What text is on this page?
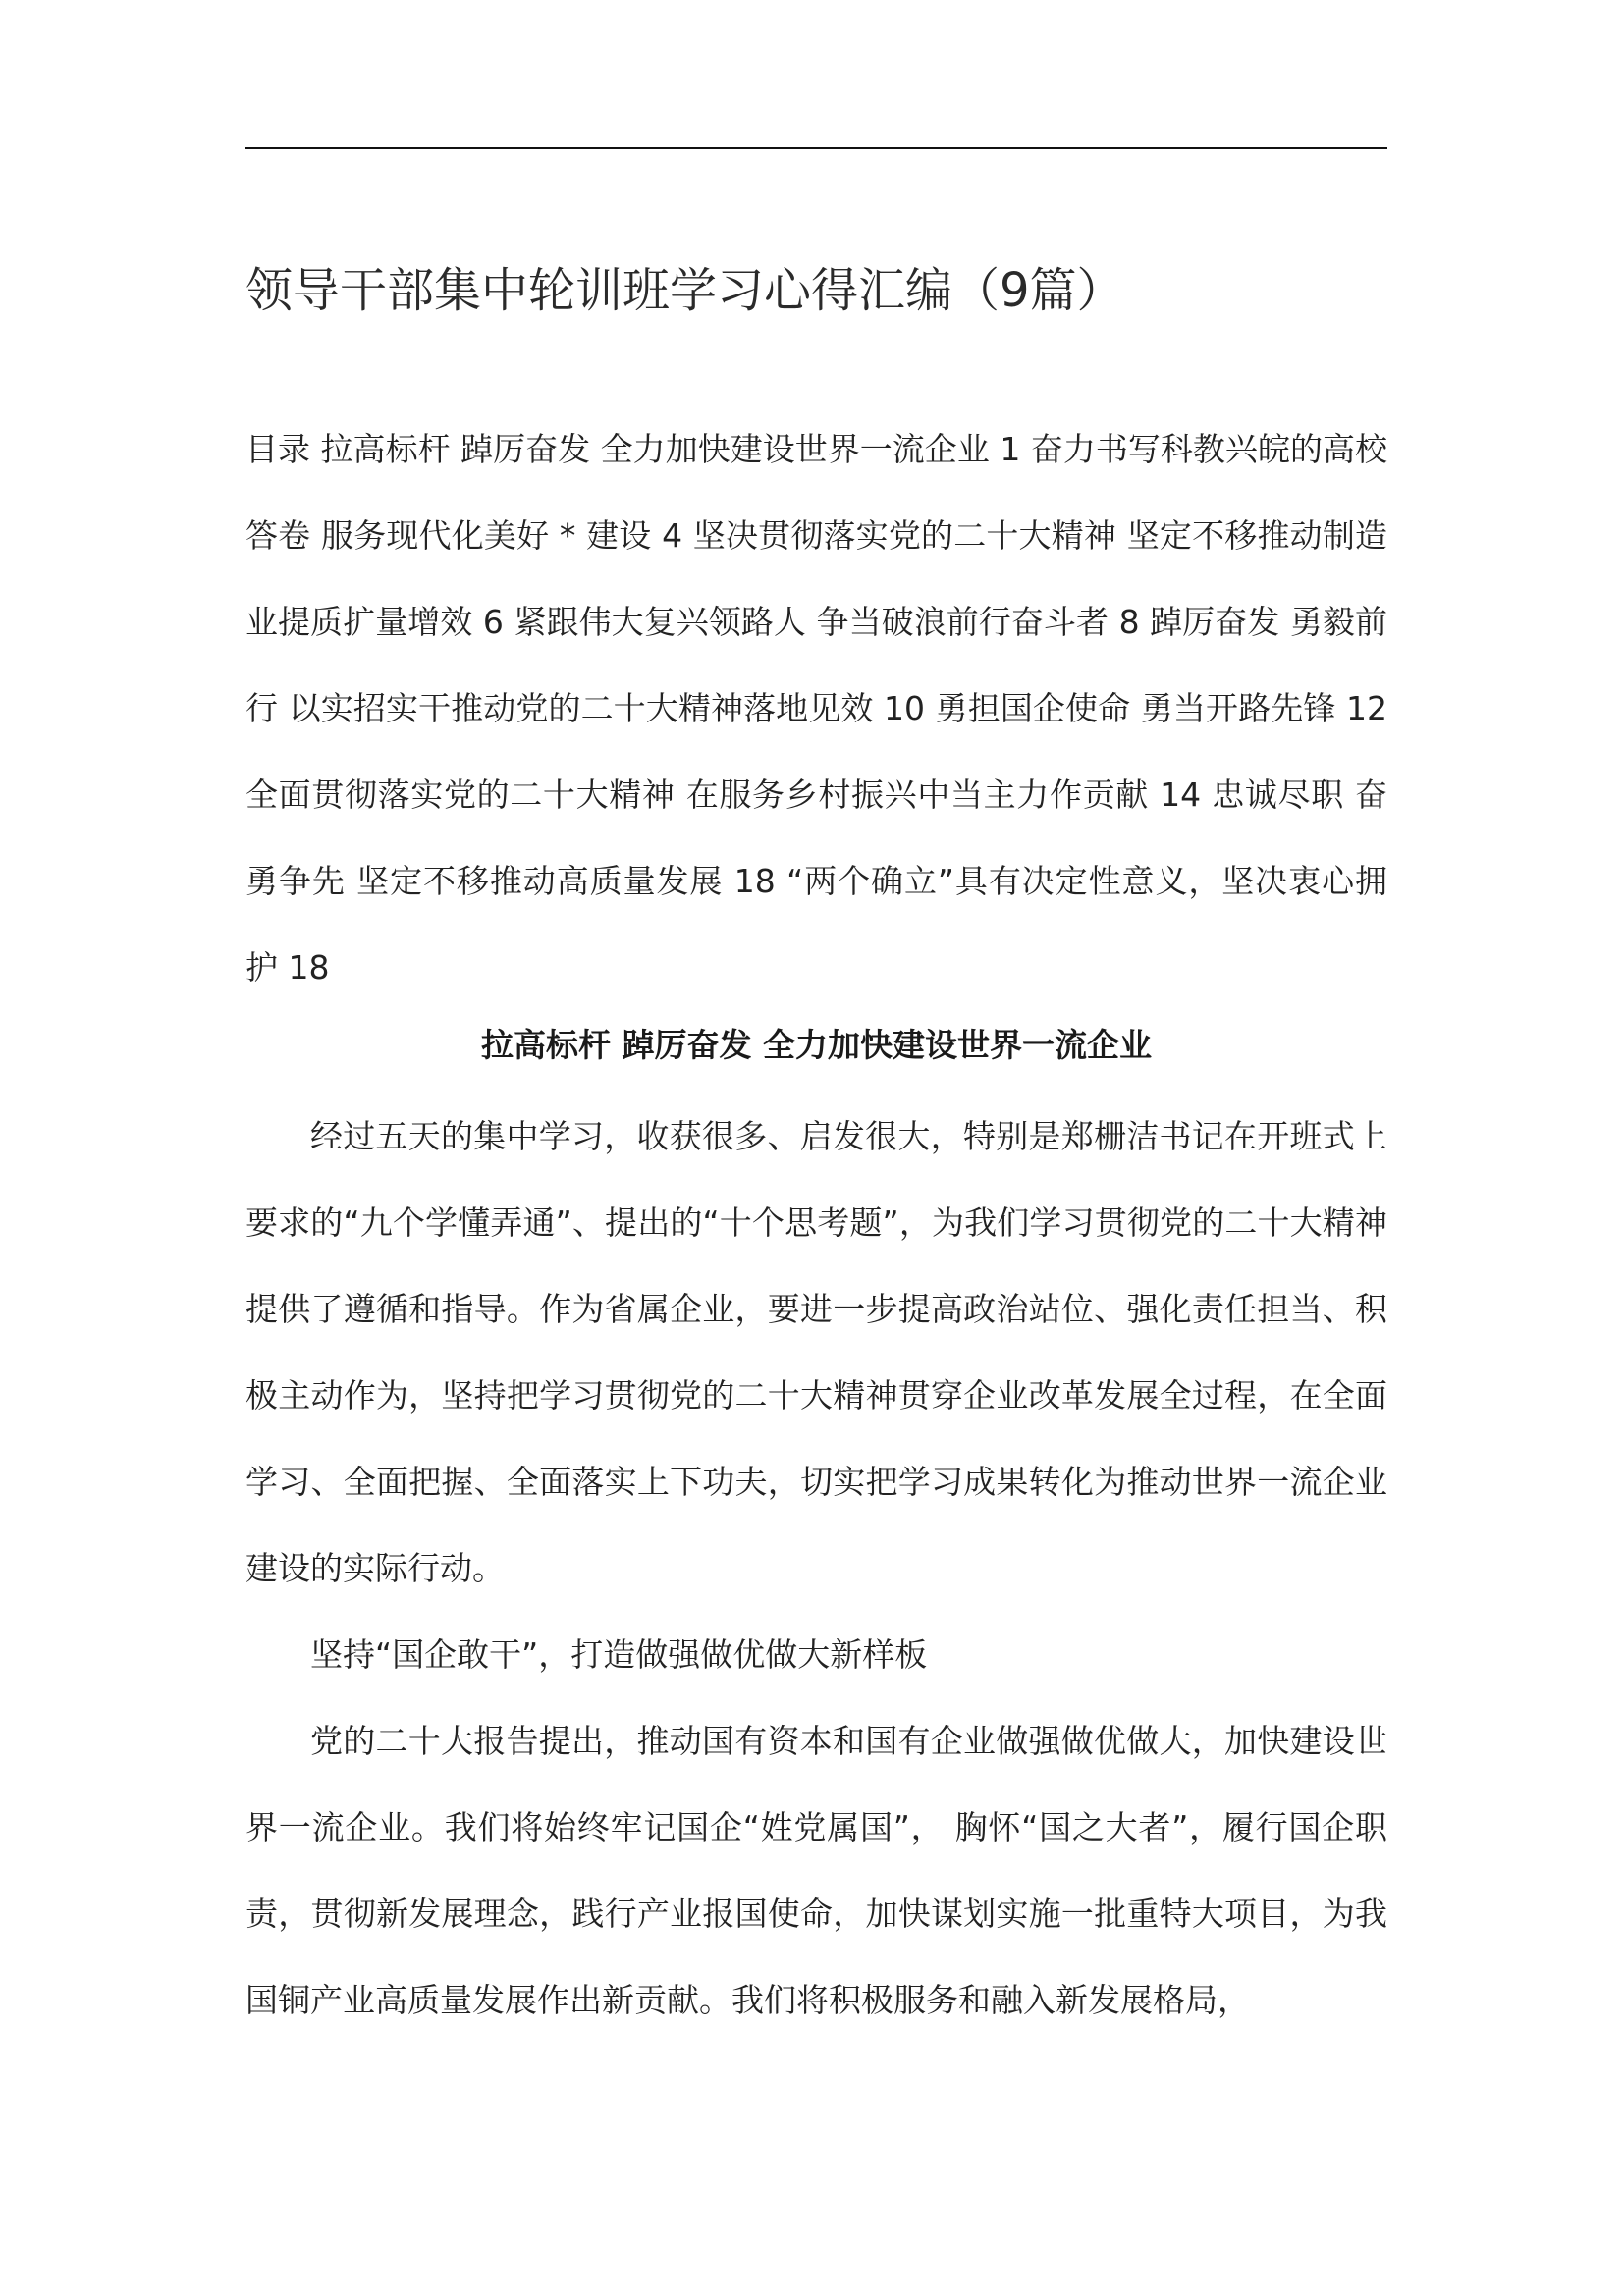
领导干部集中轮训班学习心得汇编（9篇）

目录 拉高标杆 踔厉奋发 全力加快建设世界一流企业 1 奋力书写科教兴皖的高校答卷 服务现代化美好 * 建设 4 坚决贯彻落实党的二十大精神 坚定不移推动制造业提质扩量增效 6 紧跟伟大复兴领路人 争当破浪前行奋斗者 8 踔厉奋发 勇毅前行 以实招实干推动党的二十大精神落地见效 10 勇担国企使命 勇当开路先锋 12 全面贯彻落实党的二十大精神 在服务乡村振兴中当主力作贡献 14 忠诚尽职 奋勇争先 坚定不移推动高质量发展 18 “两个确立”具有决定性意义，坚决衷心拥护 18

拉高标杆 踔厉奋发 全力加快建设世界一流企业

经过五天的集中学习，收获很多、启发很大，特别是郑栅洁书记在开班式上要求的“九个学懂弄通”、提出的“十个思考题”，为我们学习贯彻党的二十大精神提供了遵循和指导。作为省属企业，要进一步提高政治站位、强化责任担当、积极主动作为，坚持把学习贯彻党的二十大精神贯穿企业改革发展全过程，在全面学习、全面把握、全面落实上下功夫，切实把学习成果转化为推动世界一流企业建设的实际行动。

坚持“国企敢干”，打造做强做优做大新样板

党的二十大报告提出，推动国有资本和国有企业做强做优做大，加快建设世界一流企业。我们将始终牢记国企“姓党属国”， 胸怀“国之大者”，履行国企职责，贯彻新发展理念，践行产业报国使命，加快谋划实施一批重特大项目，为我国铜产业高质量发展作出新贡献。我们将积极服务和融入新发展格局，
